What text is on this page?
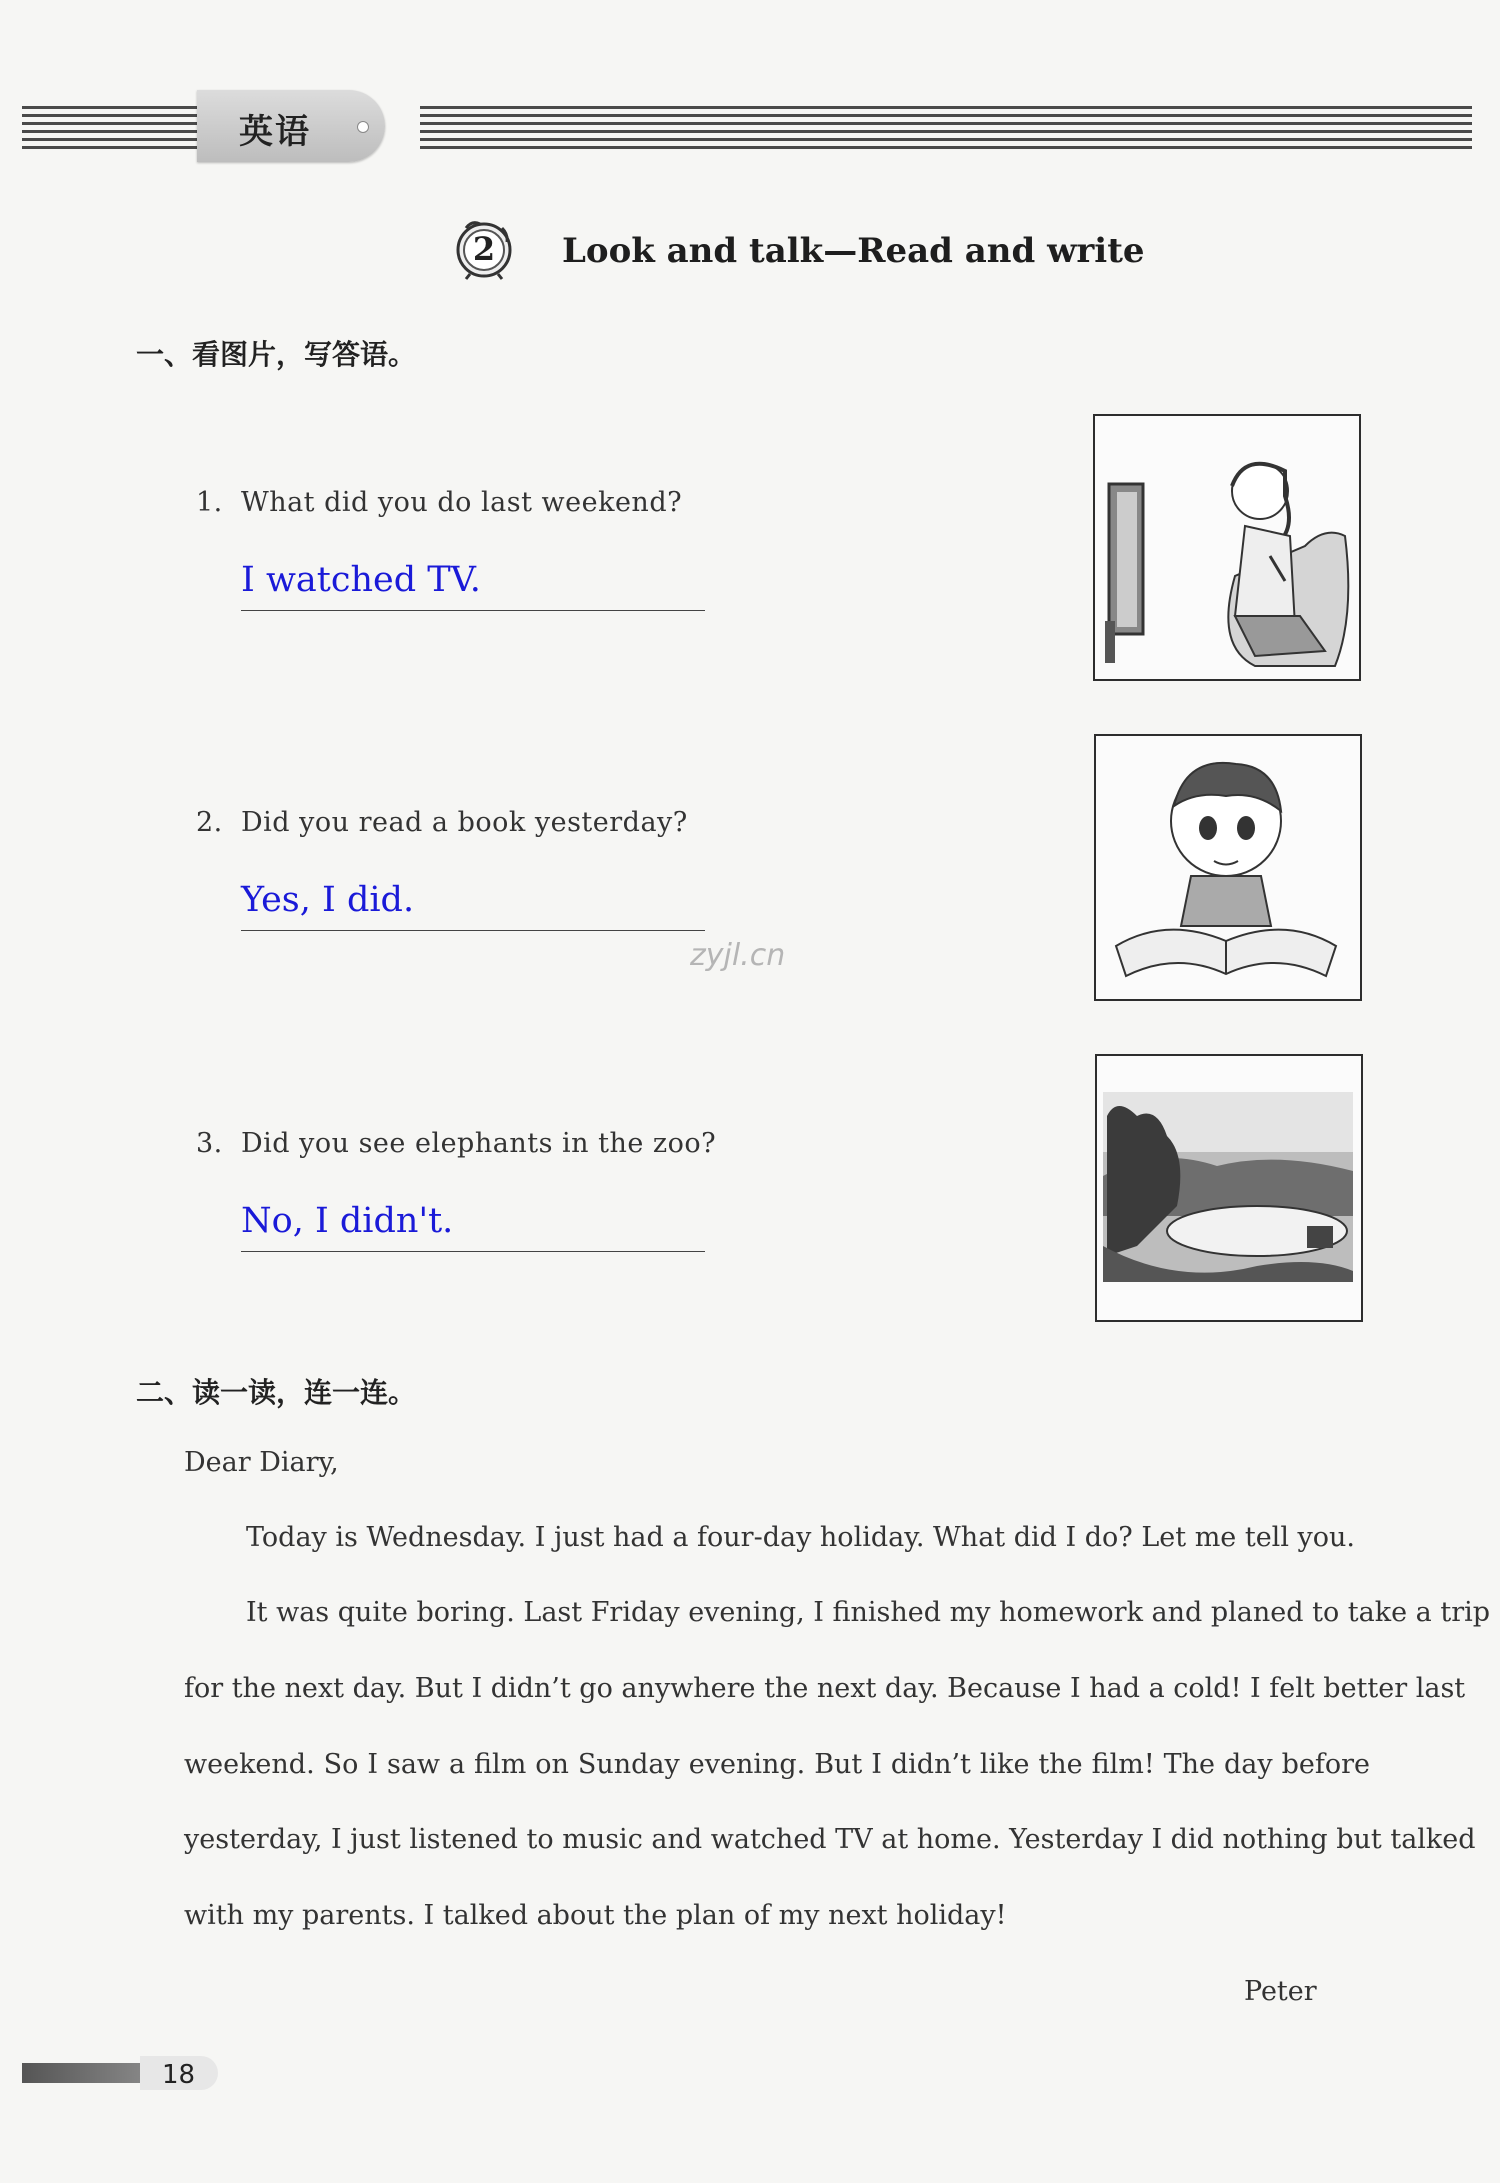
英语
2 Look and talk—Read and write
一、看图片，写答语。
1. What did you do last weekend?
I watched TV.
2. Did you read a book yesterday?
Yes, I did.
zyjl.cn
3. Did you see elephants in the zoo?
No, I didn't.
二、读一读，连一连。
Dear Diary,
Today is Wednesday. I just had a four-day holiday. What did I do? Let me tell you.
It was quite boring. Last Friday evening, I finished my homework and planed to take a trip
for the next day. But I didn’t go anywhere the next day. Because I had a cold! I felt better last
weekend. So I saw a film on Sunday evening. But I didn’t like the film! The day before
yesterday, I just listened to music and watched TV at home. Yesterday I did nothing but talked
with my parents. I talked about the plan of my next holiday!
Peter
18
